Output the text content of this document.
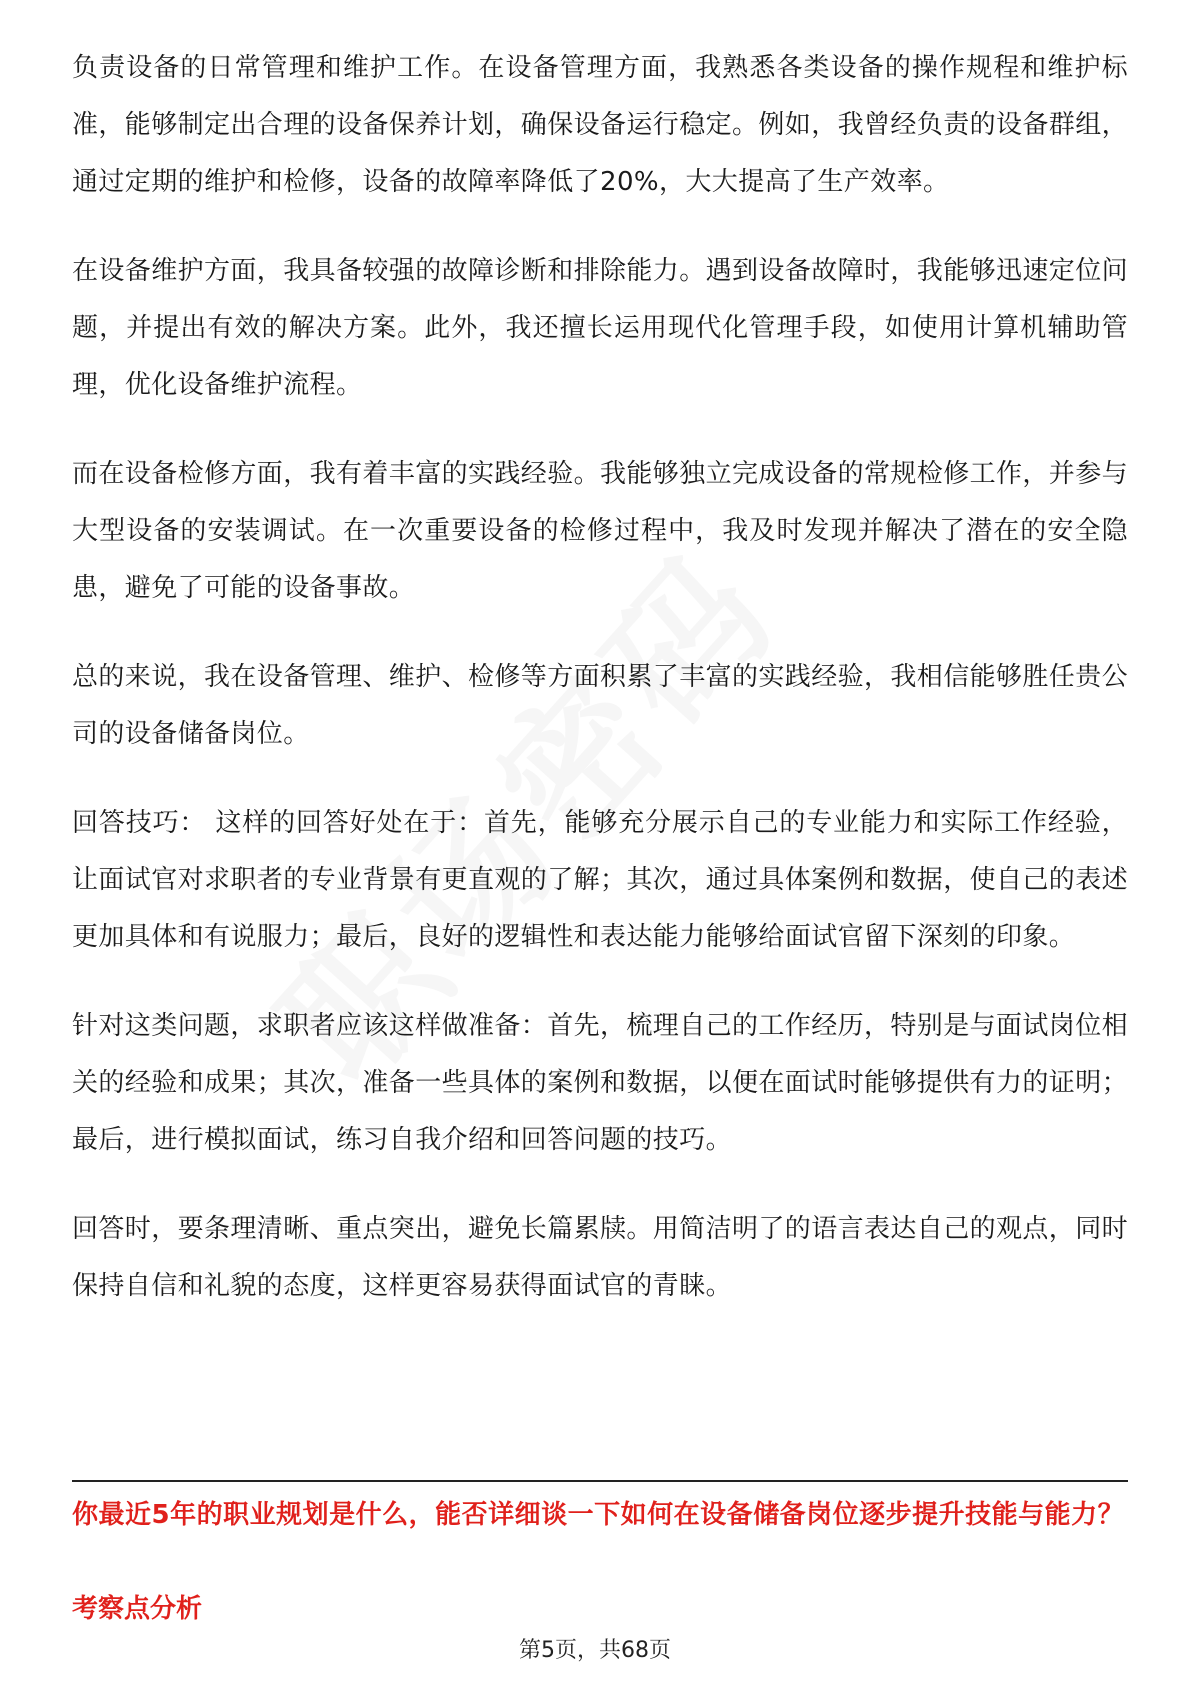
负责设备的日常管理和维护工作。在设备管理方面，我熟悉各类设备的操作规程和维护标准，能够制定出合理的设备保养计划，确保设备运行稳定。例如，我曾经负责的设备群组，通过定期的维护和检修，设备的故障率降低了20%，大大提高了生产效率。

在设备维护方面，我具备较强的故障诊断和排除能力。遇到设备故障时，我能够迅速定位问题，并提出有效的解决方案。此外，我还擅长运用现代化管理手段，如使用计算机辅助管理，优化设备维护流程。

而在设备检修方面，我有着丰富的实践经验。我能够独立完成设备的常规检修工作，并参与大型设备的安装调试。在一次重要设备的检修过程中，我及时发现并解决了潜在的安全隐患，避免了可能的设备事故。

总的来说，我在设备管理、维护、检修等方面积累了丰富的实践经验，我相信能够胜任贵公司的设备储备岗位。

回答技巧： 这样的回答好处在于：首先，能够充分展示自己的专业能力和实际工作经验，让面试官对求职者的专业背景有更直观的了解；其次，通过具体案例和数据，使自己的表述更加具体和有说服力；最后，良好的逻辑性和表达能力能够给面试官留下深刻的印象。

针对这类问题，求职者应该这样做准备：首先，梳理自己的工作经历，特别是与面试岗位相关的经验和成果；其次，准备一些具体的案例和数据，以便在面试时能够提供有力的证明；最后，进行模拟面试，练习自我介绍和回答问题的技巧。

回答时，要条理清晰、重点突出，避免长篇累牍。用简洁明了的语言表达自己的观点，同时保持自信和礼貌的态度，这样更容易获得面试官的青睐。

你最近5年的职业规划是什么，能否详细谈一下如何在设备储备岗位逐步提升技能与能力？

考察点分析

第5页，共68页
